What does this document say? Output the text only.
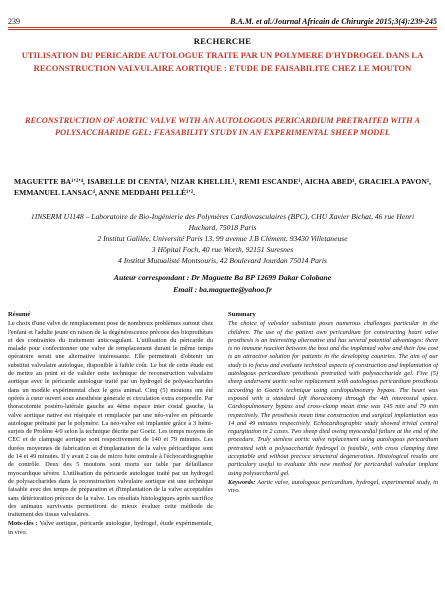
239	B.A.M. et al./Journal Africain de Chirurgie 2015;3(4):239-245
RECHERCHE
UTILISATION DU PERICARDE AUTOLOGUE TRAITE PAR UN POLYMERE D'HYDROGEL DANS LA RECONSTRUCTION VALVULAIRE AORTIQUE : ETUDE DE FAISABILITE CHEZ LE MOUTON
RECONSTRUCTION OF AORTIC VALVE WITH AN AUTOLOGOUS PERICARDIUM PRETRAITED WITH A POLYSACCHARIDE GEL: FEASABILITY STUDY IN AN EXPERIMENTAL SHEEP MODEL
MAGUETTE BA¹ʼ²ʼ⁴, ISABELLE DI CENTA³, NIZAR KHELLIL¹, REMI ESCANDE¹, AICHA ABED¹, GRACIELA PAVON¹, EMMANUEL LANSAC⁴, ANNE MEDDAHI PELLÉ¹ʼ².
1INSERM U1148 – Laboratoire de Bio-Ingénierie des Polymères Cardiovasculaires (BPC), CHU Xavier Bichat, 46 rue Henri Huchard, 75018 Paris
2 Institut Galilée, Université Paris 13, 99 avenue J.B Clément, 93430 Villetaneuse
3 Hôpital Foch, 40 rue Worth, 92151 Suresnes
4 Institut Mutualisté Montsouris, 42 Boulevard Jourdan 75014 Paris
Auteur correspondant : Dr Maguette Ba BP 12699 Dakar Colobane
Email : ba.maguette@yahoo.fr
Résumé

Le choix d'une valve de remplacement pose de nombreux problèmes surtout chez l'enfant et l'adulte jeune en raison de la dégénérescence précoce des bioprothèses et des contraintes du traitement anticoagulant. L'utilisation du péricarde du malade pour confectionner une valve de remplacement durant le même temps opératoire serait une alternative intéressante. Elle permettrait d'obtenir un substitut valvulaire autologue, disponible à faible coût. Le but de cette étude est de mettre au point et de valider cette technique de reconstruction valvulaire aortique avec le péricarde autologue traité par un hydrogel de polysaccharides dans un modèle expérimental chez le gros animal. Cinq (5) moutons ont été opérés à cœur ouvert sous anesthésie générale et circulation extra corporelle. Par thoracotomie postéro-latérale gauche au 4ème espace inter costal gauche, la valve aortique native est réséquée et remplacée par une néo-valve en péricarde autologue prétraité par le polymère. La néo-valve est implantée grâce à 3 hémi-surjets de Prolène 4/0 selon la technique décrite par Goetz. Les temps moyens de CEC et de clampage aortique sont respectivement de 140 et 79 minutes. Les durées moyennes de fabrication et d'implantation de la valve péricardique sont de 14 et 49 minutes. Il y avait 2 cas de micro fuite centrale à l'échocardiographie de contrôle. Deux des 5 moutons sont morts sur table par défaillance myocardique sévère. L'utilisation du péricarde autologue traité par un hydrogel de polysaccharides dans la reconstruction valvulaire aortique est une technique faisable avec des temps de préparation et d'implantation de la valve acceptables sans détérioration précoce de la valve. Les résultats histologiques après sacrifice des animaux survivants permettront de mieux évaluer cette méthode de traitement des tissus valvulaires.

Mots-clés : Valve aortique, péricarde autologue, hydrogel, étude expérimentale, in vivo.

Summary

The choice of valvular substitute poses numerous challenges particular in the children. The use of the patient own pericardium for constructing heart valve prosthesis is an interesting alternative and has several potential advantages: there is no immune reaction between the host and the implanted valve and their low cost is an attractive solution for patients in the developing countries. The aim of our study is to focus and evaluate technical aspects of construction and implantation of autologous pericardium prosthesis pretraited with polysaccharide gel. Five (5) sheep underwent aortic valve replacement with autologous pericardium prosthesis according to Goetz's technique using cardiopulmonary bypass. The heart was exposed with a standard left thoracotomy through the 4th intercostal space. Cardiopulmonary bypass and cross-clamp mean time was 145 min and 79 min respectively. The prosthesis mean time construction and surgical implantation was 14 and 49 minutes respectively. Echocardiographic study showed trivial central regurgitation in 2 cases. Two sheep died owing myocardial failure at the end of the procedure. Truly stenless aortic valve replacement using autologous pericardium pretraited with a polysaccharide hydrogel is feasible, with cross clamping time acceptable and without precoce structural degeneration. Histological results are particulary useful to evaluate this new method for pericardial valvular implant using polysaccharid gel.

Keywords: Aortic valve, autologous pericardium, hydrogel, experimental study, in vivo.
